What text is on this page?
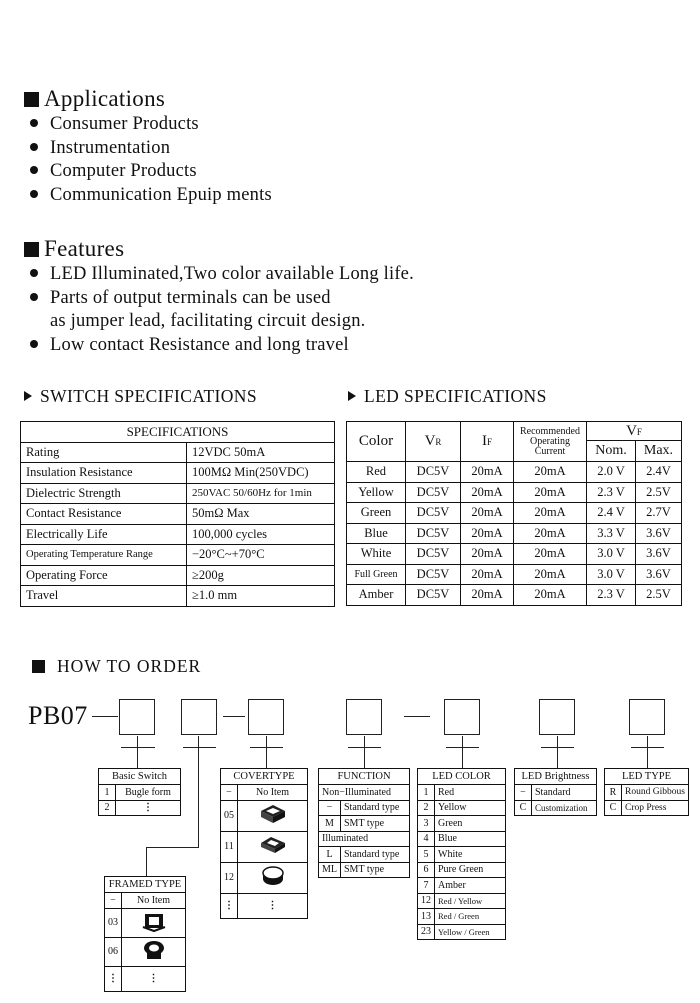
Applications
Consumer Products
Instrumentation
Computer Products
Communication Epuip ments
Features
LED Illuminated,Two color available Long life.
Parts of output terminals can be used
as jumper lead, facilitating circuit design.
Low contact Resistance and long travel
SWITCH SPECIFICATIONS	LED SPECIFICATIONS
SPECIFICATIONS	
Rating	12VDC 50mA
Insulation Resistance	100MΩ Min(250VDC)
Dielectric Strength	250VAC 50/60Hz for 1min
Contact Resistance	50mΩ Max
Electrically Life	100,000 cycles
Operating Temperature Range	−20°C~+70°C
Operating Force	≥200g
Travel	≥1.0 mm
Color	VR	IF	Recommended Operating Current	VF	
				Nom.	Max.
Red	DC5V	20mA	20mA	2.0 V	2.4V
Yellow	DC5V	20mA	20mA	2.3 V	2.5V
Green	DC5V	20mA	20mA	2.4 V	2.7V
Blue	DC5V	20mA	20mA	3.3 V	3.6V
White	DC5V	20mA	20mA	3.0 V	3.6V
Full Green	DC5V	20mA	20mA	3.0 V	3.6V
Amber	DC5V	20mA	20mA	2.3 V	2.5V
HOW TO ORDER
PB07
Basic Switch	
1	Bugle form
2	⋮
FRAMED TYPE	
−	No Item
03	
06	
⋮	⋮
COVERTYPE	
−	No Item
05	
11	
12	
⋮	⋮
FUNCTION	
Non−Illuminated	
−	Standard type
M	SMT type
Illuminated	
L	Standard type
ML	SMT type
LED COLOR	
1	Red
2	Yellow
3	Green
4	Blue
5	White
6	Pure Green
7	Amber
12	Red / Yellow
13	Red / Green
23	Yellow / Green
LED Brightness	
−	Standard
C	Customization
LED TYPE	
R	Round Gibbous
C	Crop Press
